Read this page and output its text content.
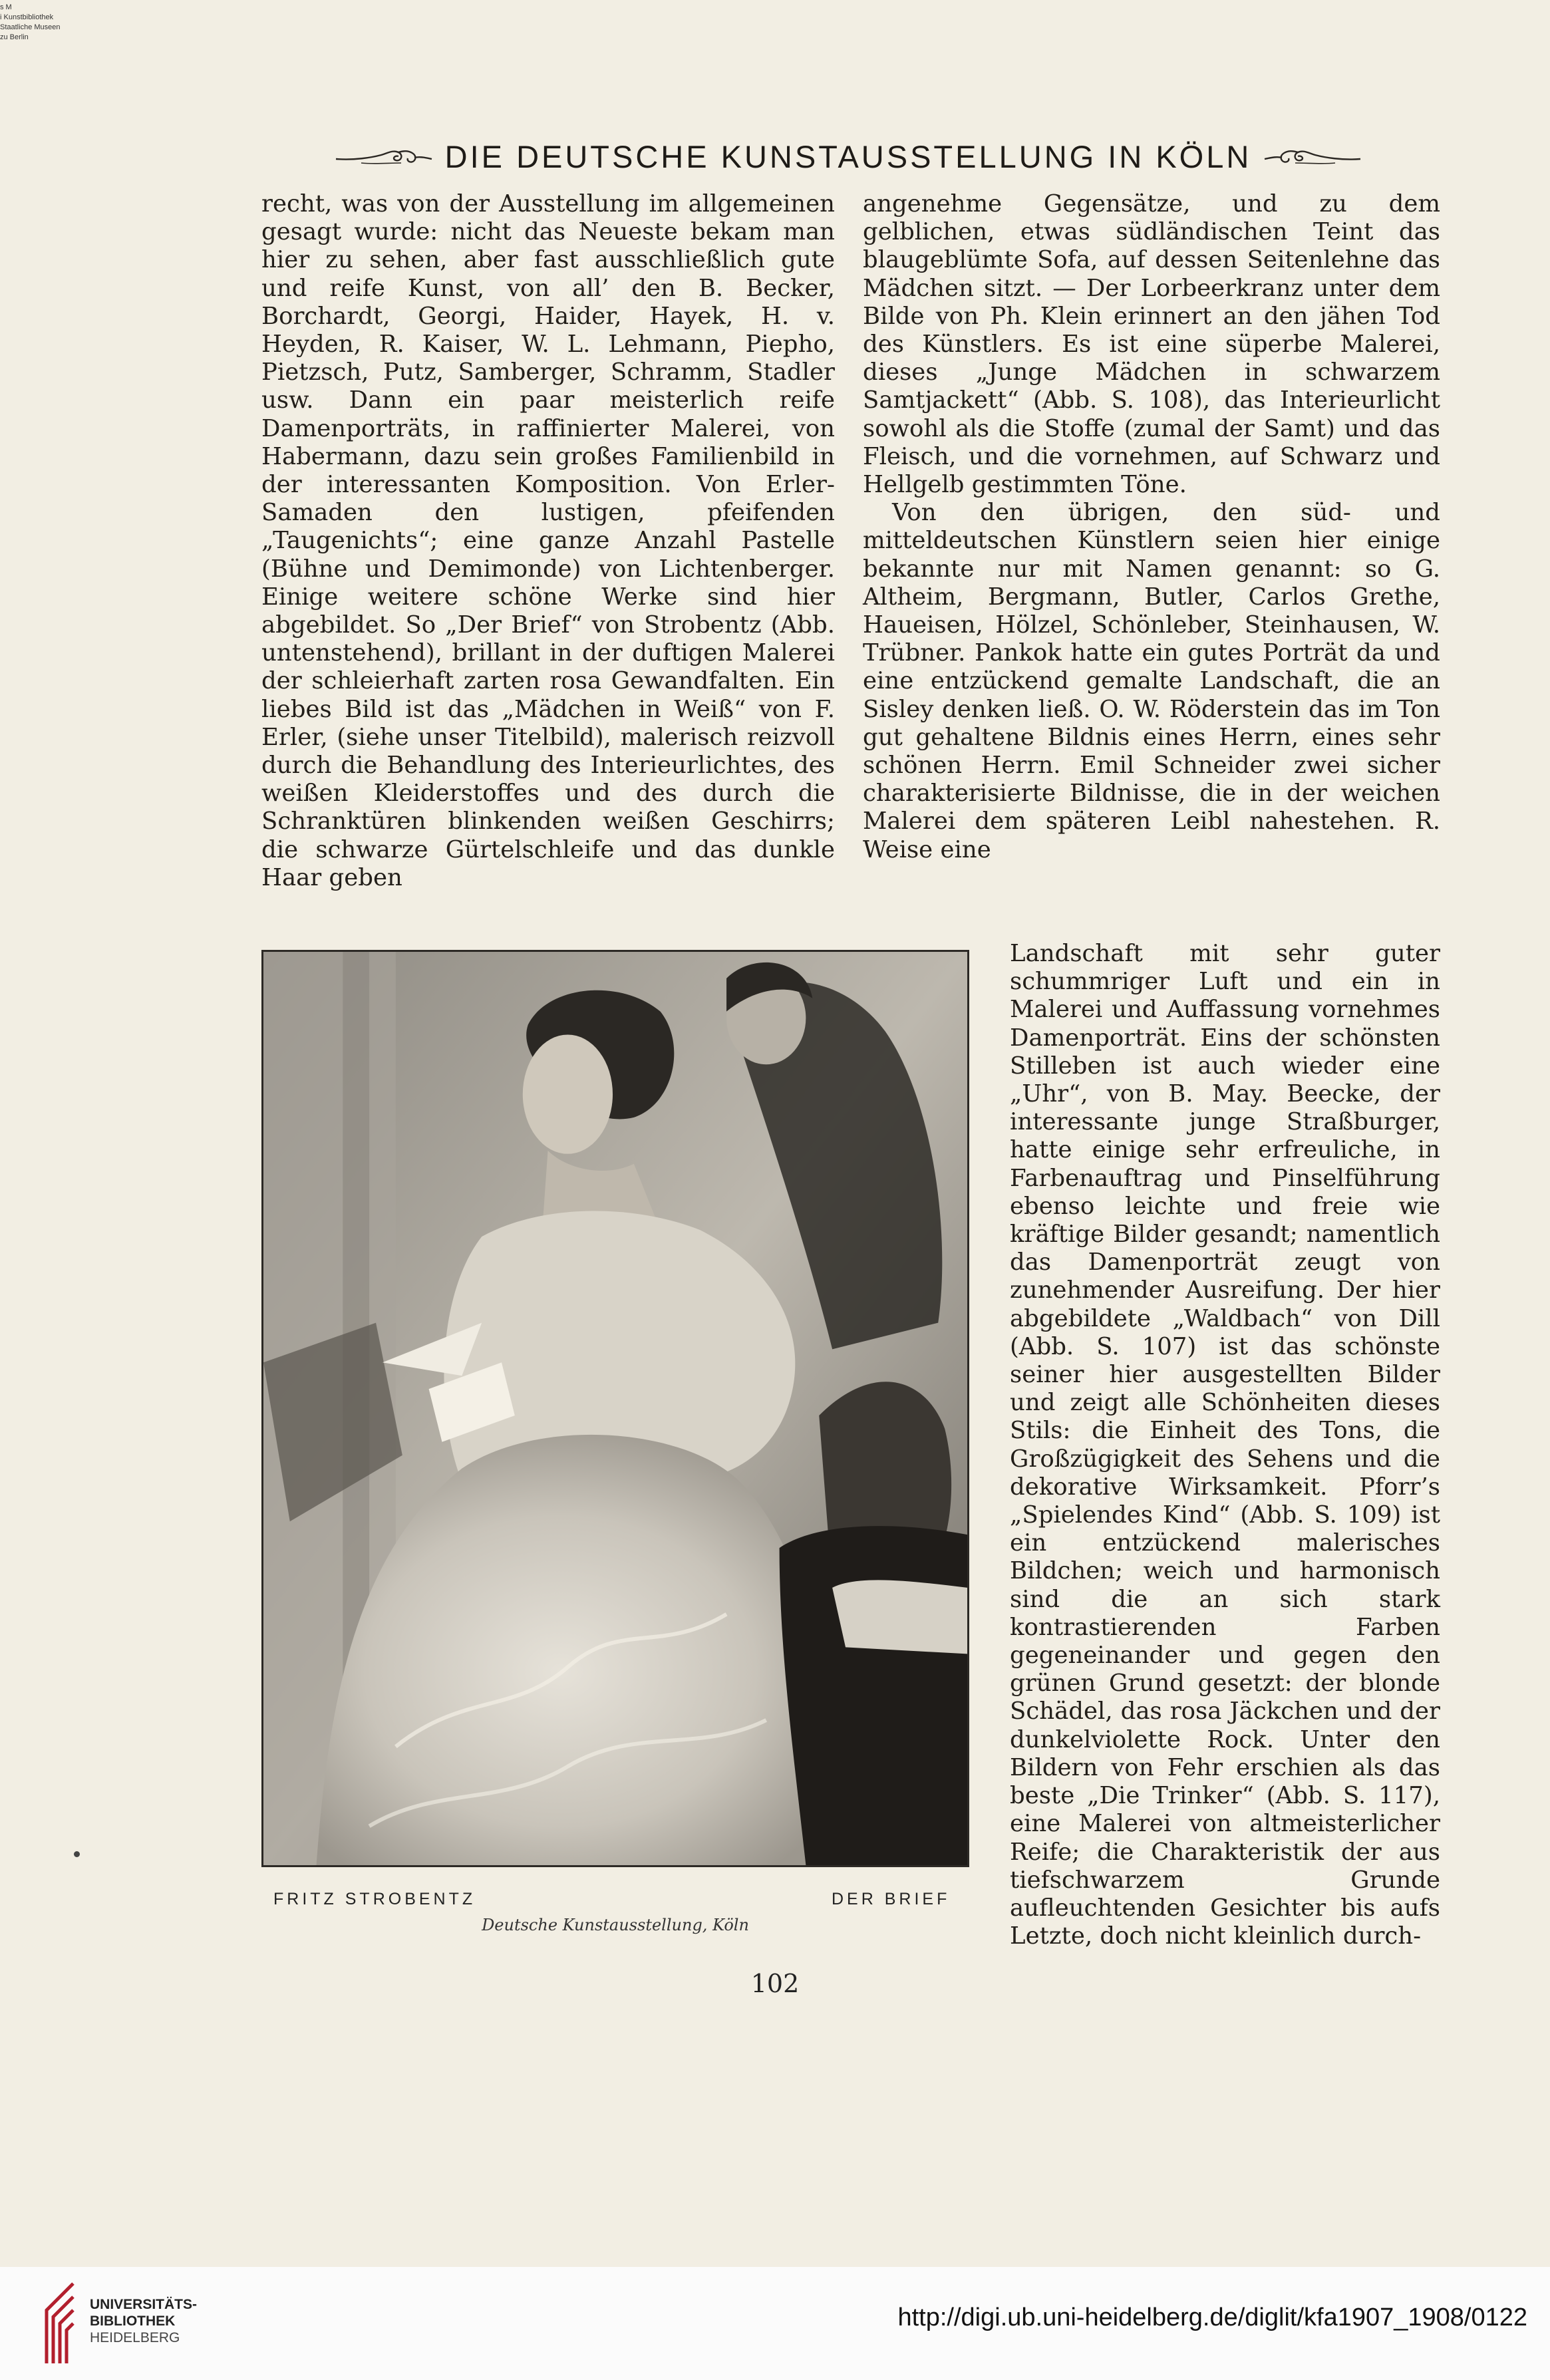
s M
i Kunstbibliothek
Staatliche Museen
zu Berlin
DIE DEUTSCHE KUNSTAUSSTELLUNG IN KÖLN

recht, was von der Ausstellung im allgemeinen gesagt wurde: nicht das Neueste bekam man hier zu sehen, aber fast ausschließlich gute und reife Kunst, von all’ den B. Becker, Borchardt, Georgi, Haider, Hayek, H. v. Heyden, R. Kaiser, W. L. Lehmann, Piepho, Pietzsch, Putz, Samberger, Schramm, Stadler usw. Dann ein paar meisterlich reife Damenporträts, in raffinierter Malerei, von Habermann, dazu sein großes Familienbild in der interessanten Komposition. Von Erler-Samaden den lustigen, pfeifenden „Taugenichts“; eine ganze Anzahl Pastelle (Bühne und Demimonde) von Lichtenberger. Einige weitere schöne Werke sind hier abgebildet. So „Der Brief“ von Strobentz (Abb. untenstehend), brillant in der duftigen Malerei der schleierhaft zarten rosa Gewandfalten. Ein liebes Bild ist das „Mädchen in Weiß“ von F. Erler, (siehe unser Titelbild), malerisch reizvoll durch die Behandlung des Interieurlichtes, des weißen Kleiderstoffes und des durch die Schranktüren blinkenden weißen Geschirrs; die schwarze Gürtelschleife und das dunkle Haar geben

angenehme Gegensätze, und zu dem gelblichen, etwas südländischen Teint das blaugeblümte Sofa, auf dessen Seitenlehne das Mädchen sitzt. — Der Lorbeerkranz unter dem Bilde von Ph. Klein erinnert an den jähen Tod des Künstlers. Es ist eine süperbe Malerei, dieses „Junge Mädchen in schwarzem Samtjackett“ (Abb. S. 108), das Interieurlicht sowohl als die Stoffe (zumal der Samt) und das Fleisch, und die vornehmen, auf Schwarz und Hellgelb gestimmten Töne.

Von den übrigen, den süd- und mitteldeutschen Künstlern seien hier einige bekannte nur mit Namen genannt: so G. Altheim, Bergmann, Butler, Carlos Grethe, Haueisen, Hölzel, Schönleber, Steinhausen, W. Trübner. Pankok hatte ein gutes Porträt da und eine entzückend gemalte Landschaft, die an Sisley denken ließ. O. W. Röderstein das im Ton gut gehaltene Bildnis eines Herrn, eines sehr schönen Herrn. Emil Schneider zwei sicher charakterisierte Bildnisse, die in der weichen Malerei dem späteren Leibl nahestehen. R. Weise eine

Landschaft mit sehr guter schummriger Luft und ein in Malerei und Auffassung vornehmes Damenporträt. Eins der schönsten Stilleben ist auch wieder eine „Uhr“, von B. May. Beecke, der interessante junge Straßburger, hatte einige sehr erfreuliche, in Farbenauftrag und Pinselführung ebenso leichte und freie wie kräftige Bilder gesandt; namentlich das Damenporträt zeugt von zunehmender Ausreifung. Der hier abgebildete „Waldbach“ von Dill (Abb. S. 107) ist das schönste seiner hier ausgestellten Bilder und zeigt alle Schönheiten dieses Stils: die Einheit des Tons, die Großzügigkeit des Sehens und die dekorative Wirksamkeit. Pforr’s „Spielendes Kind“ (Abb. S. 109) ist ein entzückend malerisches Bildchen; weich und harmonisch sind die an sich stark kontrastierenden Farben gegeneinander und gegen den grünen Grund gesetzt: der blonde Schädel, das rosa Jäckchen und der dunkelviolette Rock. Unter den Bildern von Fehr erschien als das beste „Die Trinker“ (Abb. S. 117), eine Malerei von altmeisterlicher Reife; die Charakteristik der aus tiefschwarzem Grunde aufleuchtenden Gesichter bis aufs Letzte, doch nicht kleinlich durch-

FRITZ STROBENTZ	DER BRIEF
Deutsche Kunstausstellung, Köln
102
UNIVERSITÄTS-
BIBLIOTHEK
HEIDELBERG
http://digi.ub.uni-heidelberg.de/diglit/kfa1907_1908/0122
